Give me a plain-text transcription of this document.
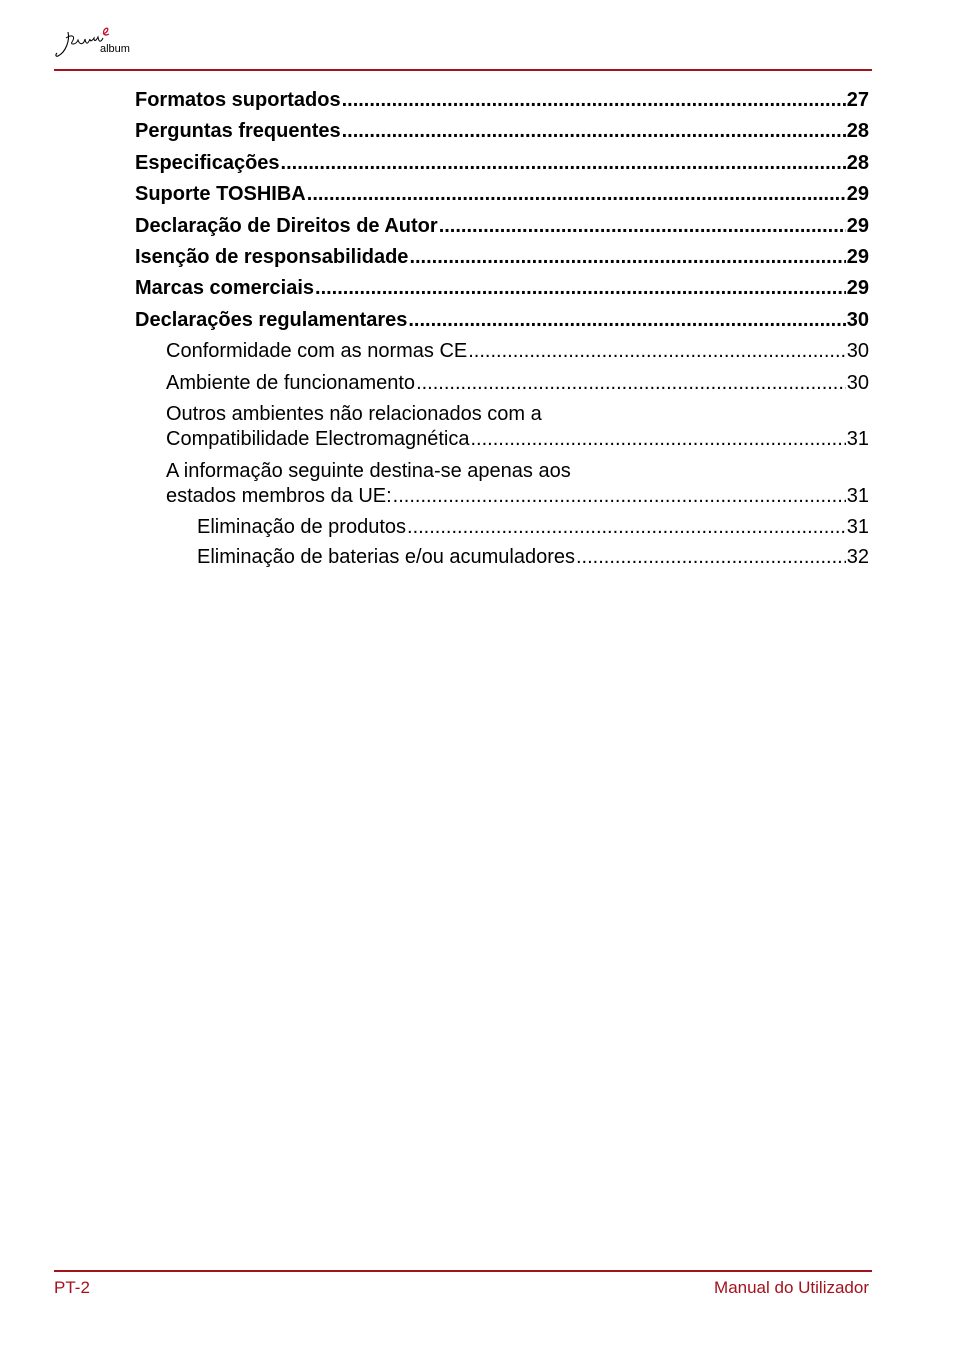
album
Formatos suportados .....	27
Perguntas frequentes .....	28
Especificações .....	28
Suporte TOSHIBA .....	29
Declaração de Direitos de Autor .....	29
Isenção de responsabilidade .....	29
Marcas comerciais .....	29
Declarações regulamentares .....	30
Conformidade com as normas CE .....	30
Ambiente de funcionamento .....	30
Outros ambientes não relacionados com a
Compatibilidade Electromagnética .....	31
A informação seguinte destina-se apenas aos
estados membros da UE: .....	31
Eliminação de produtos .....	31
Eliminação de baterias e/ou acumuladores .....	32
PT-2	Manual do Utilizador
